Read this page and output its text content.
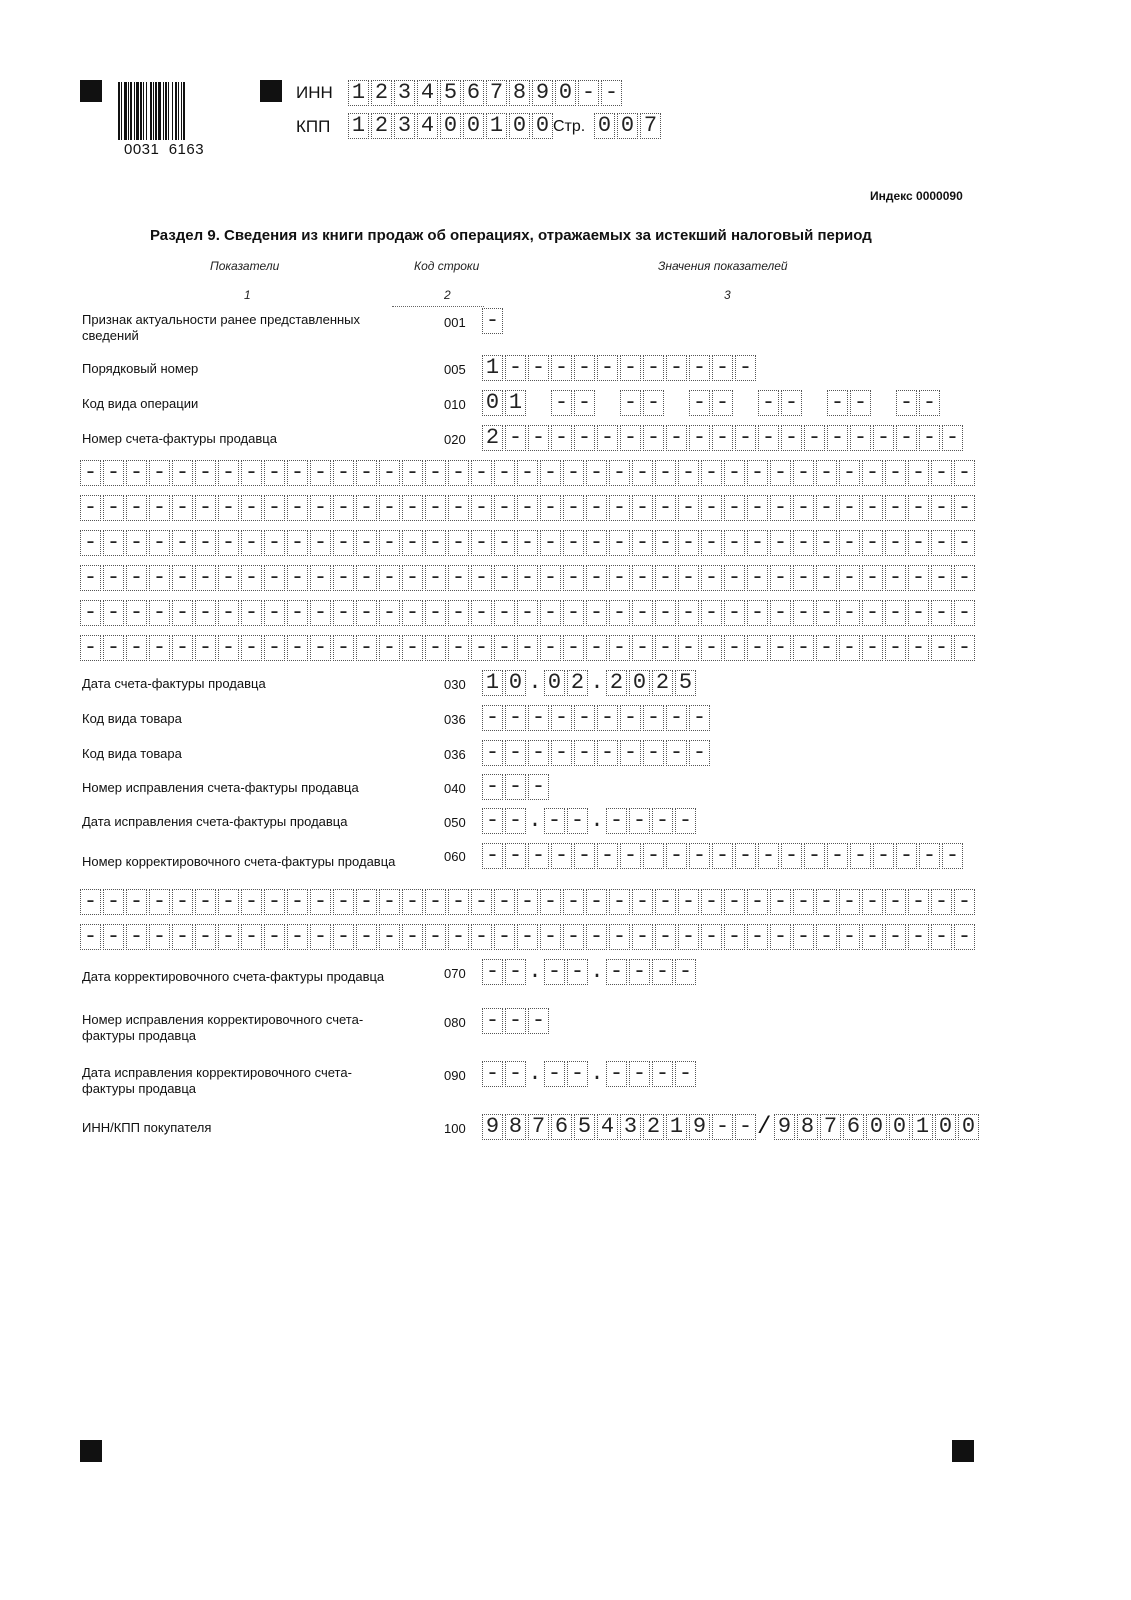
0031  6163
ИНН 1 2 3 4 5 6 7 8 9 0 - -
КПП 1 2 3 4 0 0 1 0 0 Стр. 0 0 7
Индекс 0000090
Раздел 9. Сведения из книги продаж об операциях, отражаемых за истекший налоговый период
Показатели	Код строки	Значения показателей
1	2	3
Признак актуальности ранее представленных сведений
001 -
Порядковый номер	005 1 - - - - - - - - - - -
Код вида операции	010 0 1 - - - - - - - - - - - -
Номер счета-фактуры продавца	020 2 - - - - - - - - - - - - - - - - - - - -
- - - - - - - - - - - - - - - - - - - - - - - - - - - - - - - - - - - - - - -
- - - - - - - - - - - - - - - - - - - - - - - - - - - - - - - - - - - - - - -
- - - - - - - - - - - - - - - - - - - - - - - - - - - - - - - - - - - - - - -
- - - - - - - - - - - - - - - - - - - - - - - - - - - - - - - - - - - - - - -
- - - - - - - - - - - - - - - - - - - - - - - - - - - - - - - - - - - - - - -
- - - - - - - - - - - - - - - - - - - - - - - - - - - - - - - - - - - - - - -
Дата счета-фактуры продавца	030 1 0 . 0 2 . 2 0 2 5
Код вида товара	036 - - - - - - - - - -
Код вида товара	036 - - - - - - - - - -
Номер исправления счета-фактуры продавца	040 - - -
Дата исправления счета-фактуры продавца	050 - - . - - . - - - -
Номер корректировочного счета-фактуры продавца	060 - - - - - - - - - - - - - - - - - - - - -
- - - - - - - - - - - - - - - - - - - - - - - - - - - - - - - - - - - - - - -
- - - - - - - - - - - - - - - - - - - - - - - - - - - - - - - - - - - - - - -
Дата корректировочного счета-фактуры продавца	070 - - . - - . - - - -
Номер исправления корректировочного счета-фактуры продавца
080 - - -
Дата исправления корректировочного счета-фактуры продавца
090 - - . - - . - - - -
ИНН/КПП покупателя	100 9 8 7 6 5 4 3 2 1 9 - - / 9 8 7 6 0 0 1 0 0
